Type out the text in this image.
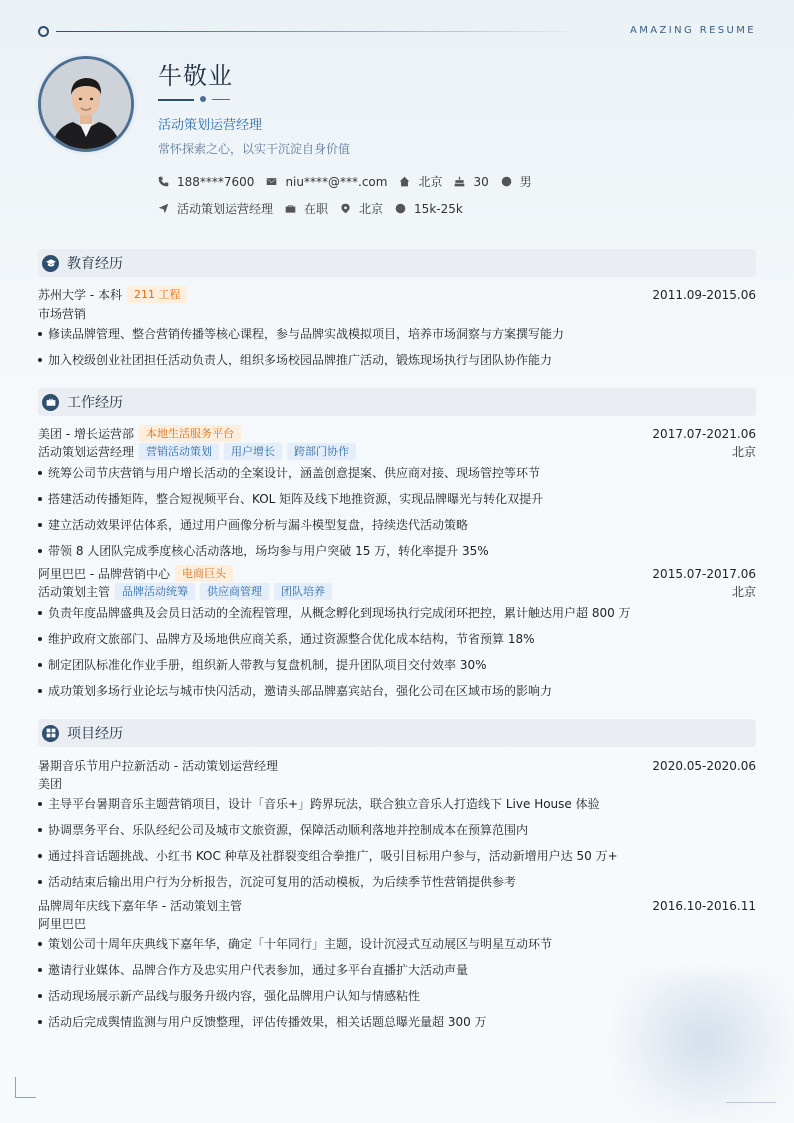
AMAZING RESUME
牛敬业
活动策划运营经理
常怀探索之心，以实干沉淀自身价值
188****7600	niu****@***.com	北京	30	男
活动策划运营经理	在职	北京	15k-25k
教育经历
苏州大学 - 本科	211 工程	2011.09-2015.06
市场营销
修读品牌管理、整合营销传播等核心课程，参与品牌实战模拟项目，培养市场洞察与方案撰写能力
加入校级创业社团担任活动负责人，组织多场校园品牌推广活动，锻炼现场执行与团队协作能力
工作经历
美团 - 增长运营部	本地生活服务平台	2017.07-2021.06
活动策划运营经理	营销活动策划	用户增长	跨部门协作	北京
统筹公司节庆营销与用户增长活动的全案设计，涵盖创意提案、供应商对接、现场管控等环节
搭建活动传播矩阵，整合短视频平台、KOL 矩阵及线下地推资源，实现品牌曝光与转化双提升
建立活动效果评估体系，通过用户画像分析与漏斗模型复盘，持续迭代活动策略
带领 8 人团队完成季度核心活动落地，场均参与用户突破 15 万，转化率提升 35%
阿里巴巴 - 品牌营销中心	电商巨头	2015.07-2017.06
活动策划主管	品牌活动统筹	供应商管理	团队培养	北京
负责年度品牌盛典及会员日活动的全流程管理，从概念孵化到现场执行完成闭环把控，累计触达用户超 800 万
维护政府文旅部门、品牌方及场地供应商关系，通过资源整合优化成本结构，节省预算 18%
制定团队标准化作业手册，组织新人带教与复盘机制，提升团队项目交付效率 30%
成功策划多场行业论坛与城市快闪活动，邀请头部品牌嘉宾站台，强化公司在区域市场的影响力
项目经历
暑期音乐节用户拉新活动 - 活动策划运营经理	2020.05-2020.06
美团
主导平台暑期音乐主题营销项目，设计「音乐+」跨界玩法，联合独立音乐人打造线下 Live House 体验
协调票务平台、乐队经纪公司及城市文旅资源，保障活动顺利落地并控制成本在预算范围内
通过抖音话题挑战、小红书 KOC 种草及社群裂变组合拳推广，吸引目标用户参与，活动新增用户达 50 万+
活动结束后输出用户行为分析报告，沉淀可复用的活动模板，为后续季节性营销提供参考
品牌周年庆线下嘉年华 - 活动策划主管	2016.10-2016.11
阿里巴巴
策划公司十周年庆典线下嘉年华，确定「十年同行」主题，设计沉浸式互动展区与明星互动环节
邀请行业媒体、品牌合作方及忠实用户代表参加，通过多平台直播扩大活动声量
活动现场展示新产品线与服务升级内容，强化品牌用户认知与情感粘性
活动后完成舆情监测与用户反馈整理，评估传播效果，相关话题总曝光量超 300 万
